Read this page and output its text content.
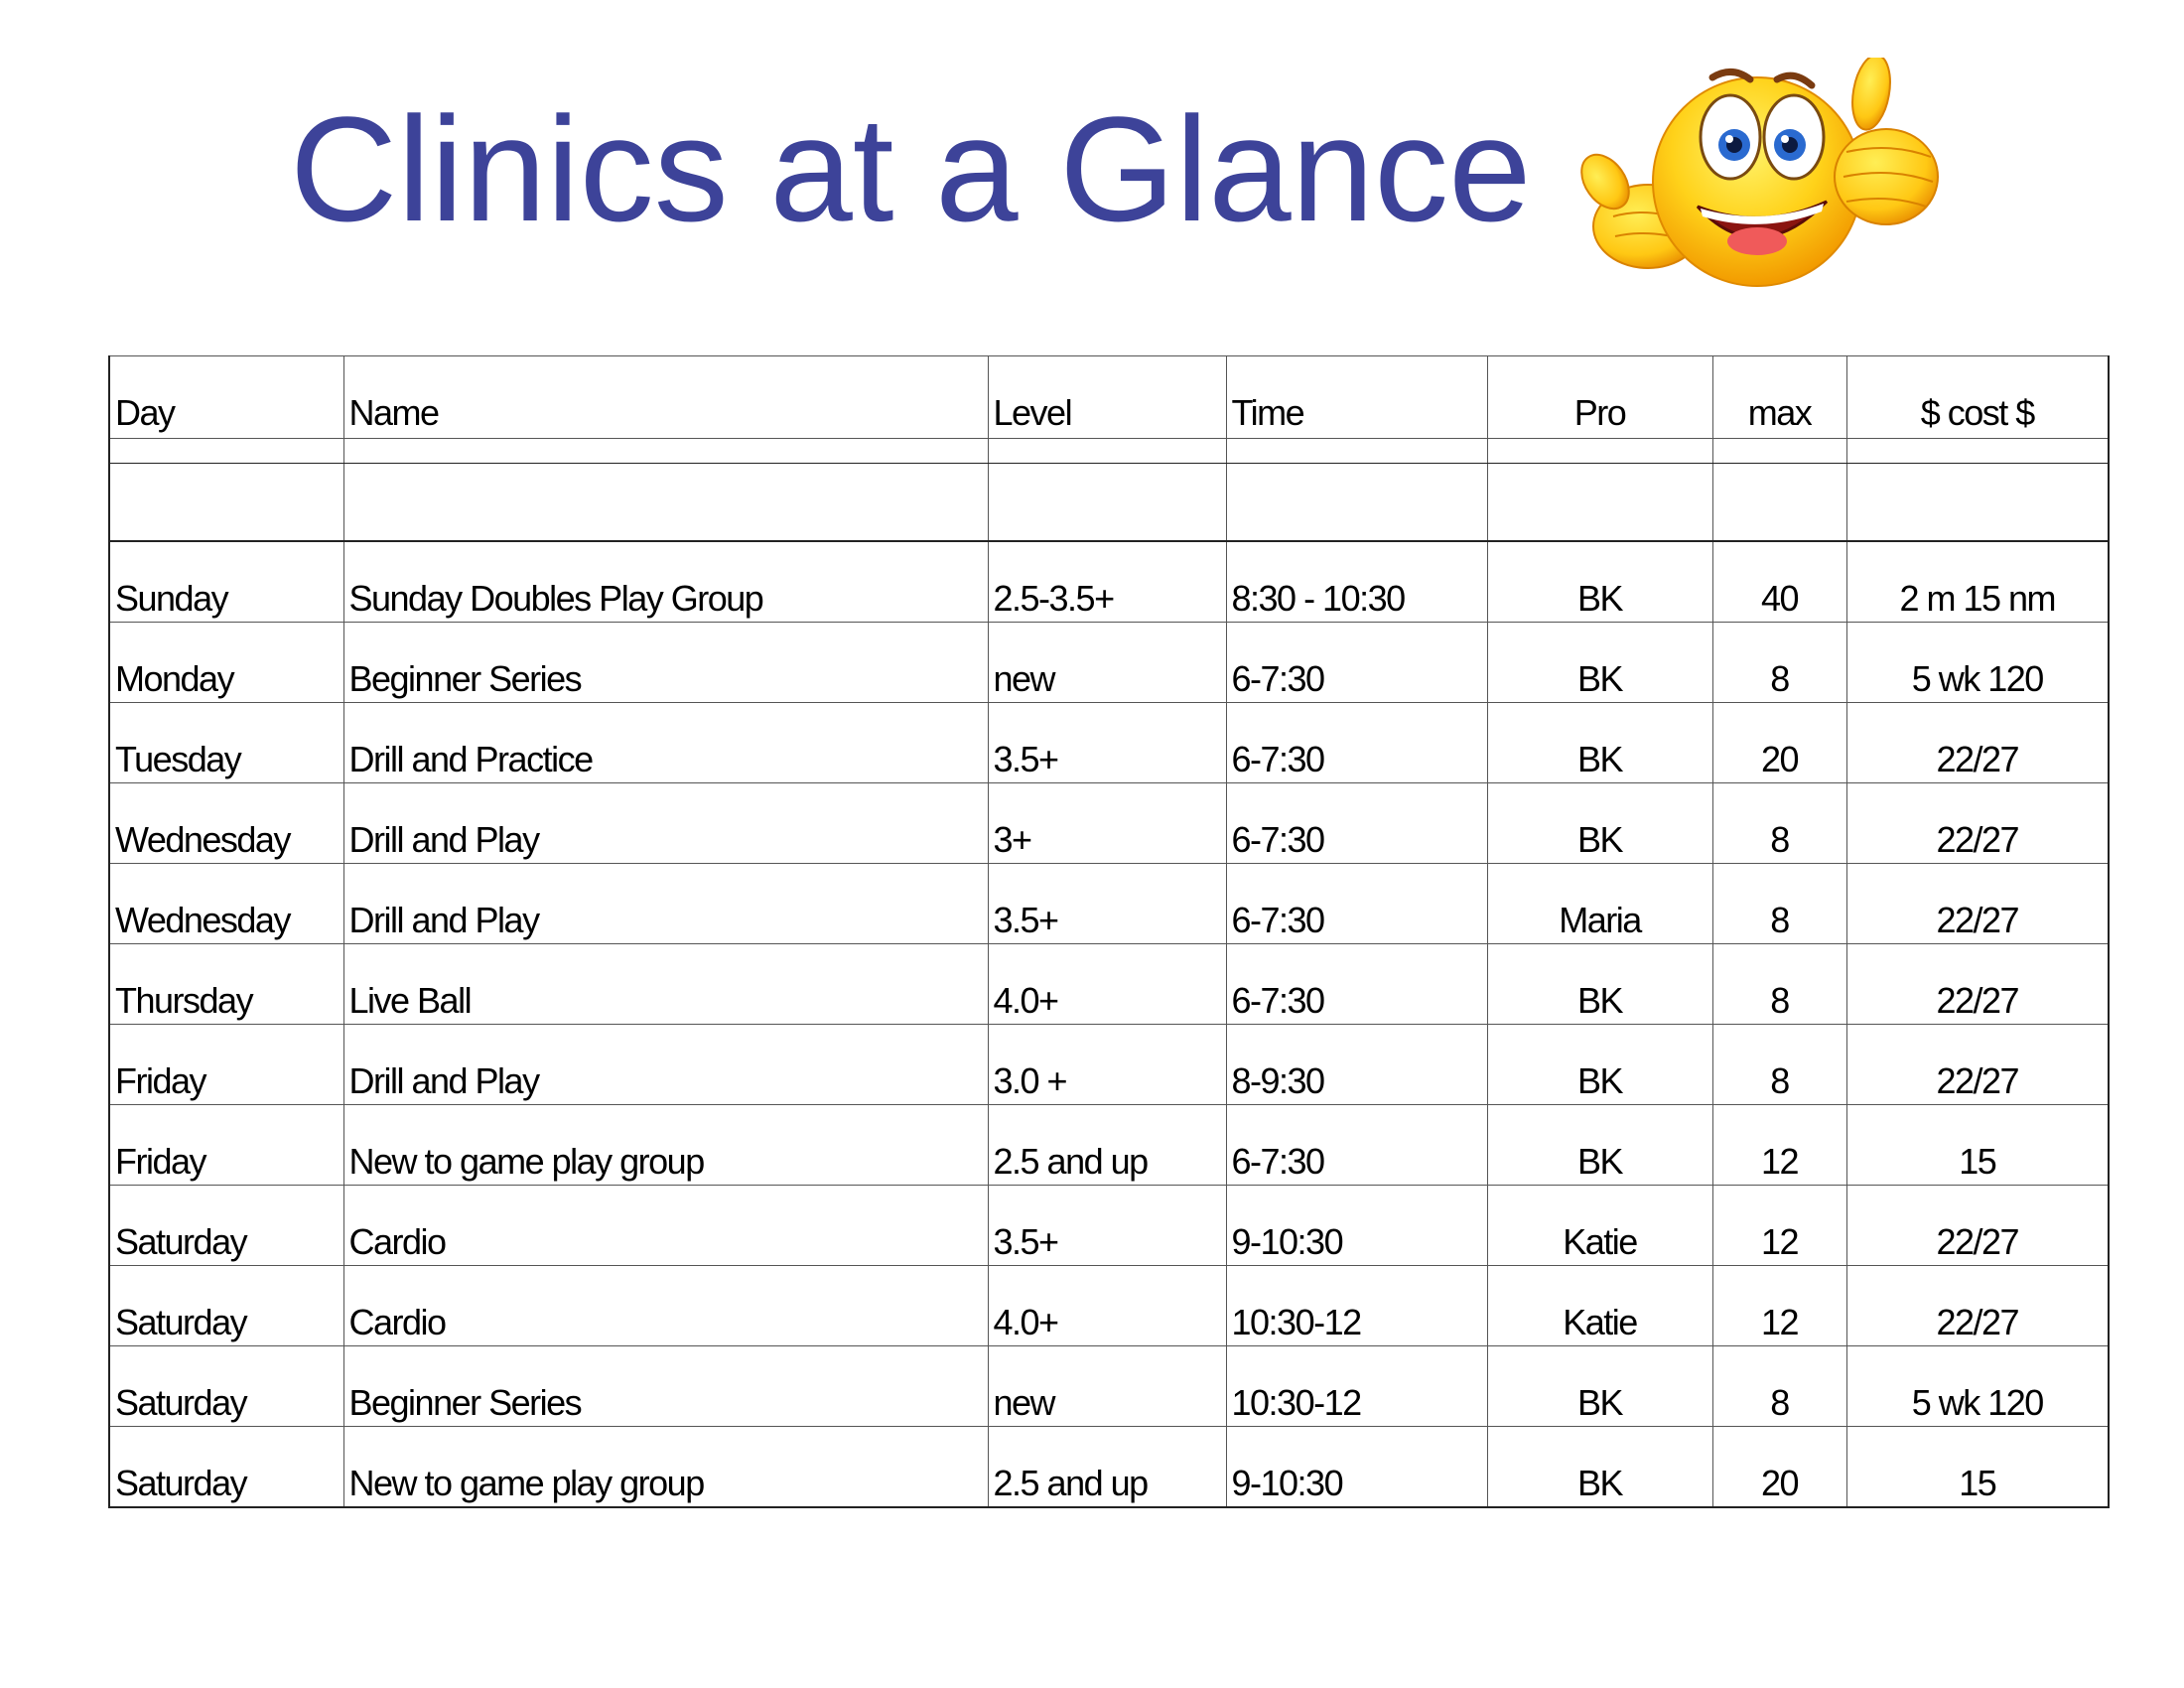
Clinics at a Glance
Day	Name	Level	Time	Pro	max	$ cost $

Sunday	Sunday Doubles Play Group	2.5-3.5+	8:30 - 10:30	BK	40	2 m 15 nm
Monday	Beginner Series	new	6-7:30	BK	8	5 wk 120
Tuesday	Drill and Practice	3.5+	6-7:30	BK	20	22/27
Wednesday	Drill and Play	3+	6-7:30	BK	8	22/27
Wednesday	Drill and Play	3.5+	6-7:30	Maria	8	22/27
Thursday	Live Ball	4.0+	6-7:30	BK	8	22/27
Friday	Drill and Play	3.0 +	8-9:30	BK	8	22/27
Friday	New to game play group	2.5 and up	6-7:30	BK	12	15
Saturday	Cardio	3.5+	9-10:30	Katie	12	22/27
Saturday	Cardio	4.0+	10:30-12	Katie	12	22/27
Saturday	Beginner Series	new	10:30-12	BK	8	5 wk 120
Saturday	New to game play group	2.5 and up	9-10:30	BK	20	15
